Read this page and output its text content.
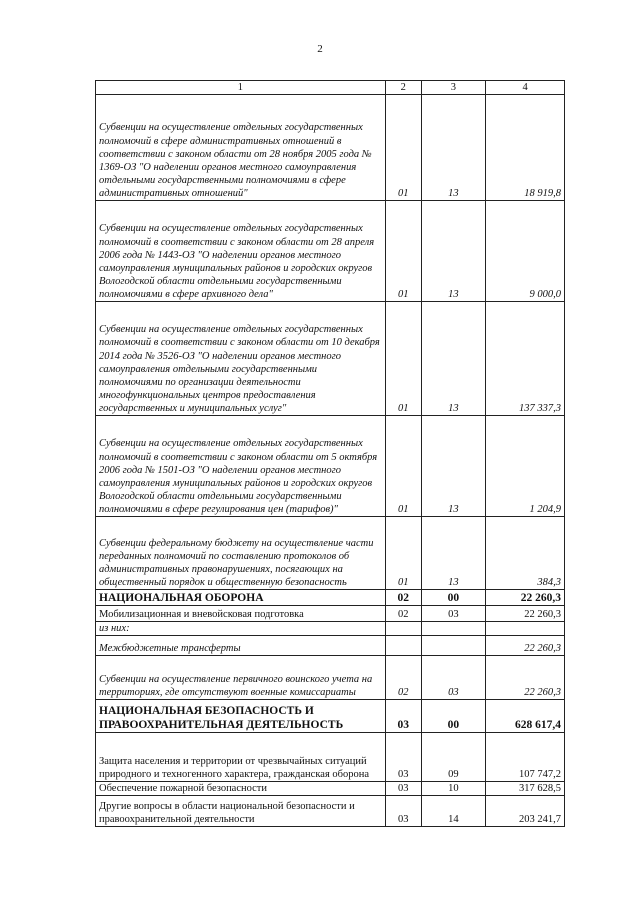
2
1	2	3	4
Субвенции на осуществление отдельных государственных полномочий в сфере административных отношений в соответствии с законом области от 28 ноября 2005 года № 1369-ОЗ "О наделении органов местного самоуправления отдельными государственными полномочиями в сфере административных отношений"	01	13	18 919,8
Субвенции на осуществление отдельных государственных полномочий в соответствии с законом области от 28 апреля 2006 года № 1443-ОЗ "О наделении органов местного самоуправления муниципальных районов и городских округов Вологодской области отдельными государственными полномочиями в сфере архивного дела"	01	13	9 000,0
Субвенции на осуществление отдельных государственных полномочий в соответствии с законом области от 10 декабря 2014 года № 3526-ОЗ "О наделении органов местного самоуправления отдельными государственными полномочиями по организации деятельности многофункциональных центров предоставления государственных и муниципальных услуг"	01	13	137 337,3
Субвенции на осуществление отдельных государственных полномочий в соответствии с законом области от 5 октября 2006 года № 1501-ОЗ "О наделении органов местного самоуправления муниципальных районов и городских округов Вологодской области отдельными государственными полномочиями в сфере регулирования цен (тарифов)"	01	13	1 204,9
Субвенции федеральному бюджету на осуществление части переданных полномочий по составлению протоколов об административных правонарушениях, посягающих на общественный порядок и общественную безопасность	01	13	384,3
НАЦИОНАЛЬНАЯ ОБОРОНА	02	00	22 260,3
Мобилизационная и вневойсковая подготовка	02	03	22 260,3
из них:			
Межбюджетные трансферты			22 260,3
Субвенции на осуществление первичного воинского учета на территориях, где отсутствуют военные комиссариаты	02	03	22 260,3
НАЦИОНАЛЬНАЯ БЕЗОПАСНОСТЬ И ПРАВООХРАНИТЕЛЬНАЯ ДЕЯТЕЛЬНОСТЬ	03	00	628 617,4
Защита населения и территории от чрезвычайных ситуаций природного и техногенного характера, гражданская оборона	03	09	107 747,2
Обеспечение пожарной безопасности	03	10	317 628,5
Другие вопросы в области национальной безопасности и правоохранительной деятельности	03	14	203 241,7
